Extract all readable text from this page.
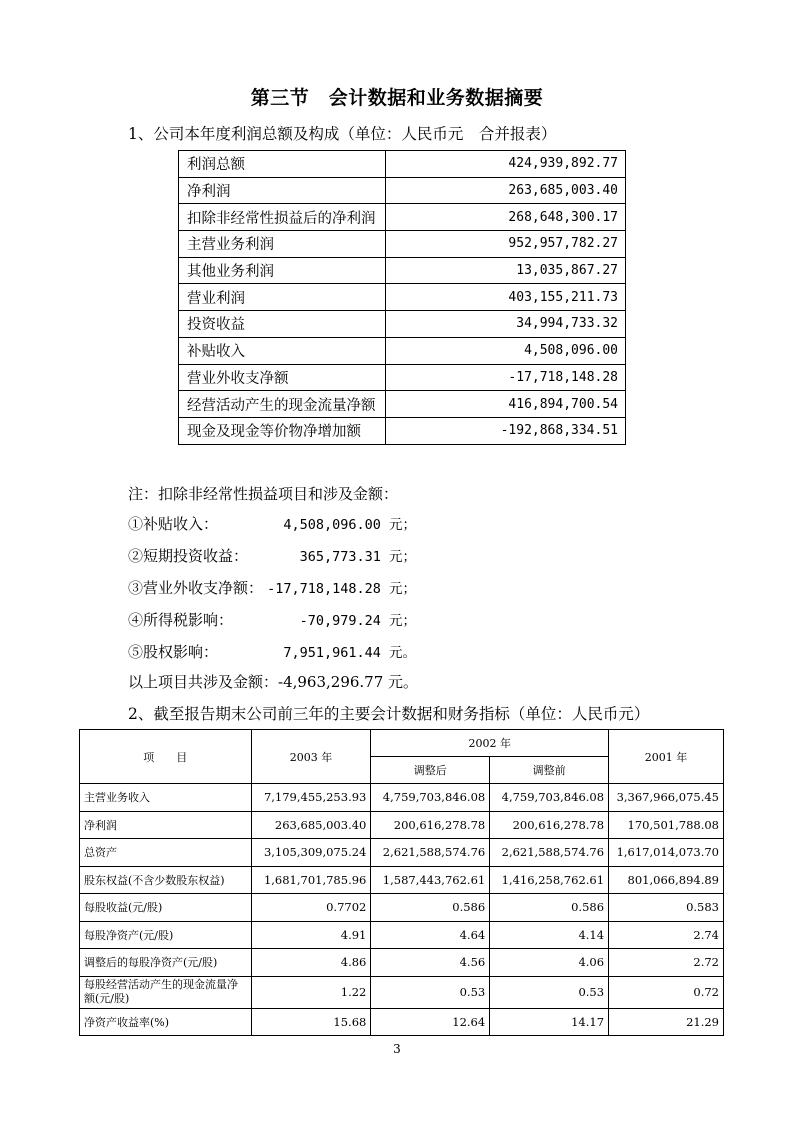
第三节　会计数据和业务数据摘要
1、公司本年度利润总额及构成（单位：人民币元　合并报表）
利润总额	424,939,892.77
净利润	263,685,003.40
扣除非经常性损益后的净利润	268,648,300.17
主营业务利润	952,957,782.27
其他业务利润	13,035,867.27
营业利润	403,155,211.73
投资收益	34,994,733.32
补贴收入	4,508,096.00
营业外收支净额	-17,718,148.28
经营活动产生的现金流量净额	416,894,700.54
现金及现金等价物净增加额	-192,868,334.51
注：扣除非经常性损益项目和涉及金额：
①补贴收入：	4,508,096.00 元；
②短期投资收益：	365,773.31 元；
③营业外收支净额： -17,718,148.28 元；
④所得税影响：	-70,979.24 元；
⑤股权影响：	7,951,961.44 元。
以上项目共涉及金额：-4,963,296.77 元。
2、截至报告期末公司前三年的主要会计数据和财务指标（单位：人民币元）
项　　目	2003 年	2002 年		2001 年
		调整后	调整前	
主营业务收入	7,179,455,253.93	4,759,703,846.08	4,759,703,846.08	3,367,966,075.45
净利润	263,685,003.40	200,616,278.78	200,616,278.78	170,501,788.08
总资产	3,105,309,075.24	2,621,588,574.76	2,621,588,574.76	1,617,014,073.70
股东权益(不含少数股东权益)	1,681,701,785.96	1,587,443,762.61	1,416,258,762.61	801,066,894.89
每股收益(元/股)	0.7702	0.586	0.586	0.583
每股净资产(元/股)	4.91	4.64	4.14	2.74
调整后的每股净资产(元/股)	4.86	4.56	4.06	2.72
每股经营活动产生的现金流量净额(元/股)	1.22	0.53	0.53	0.72
净资产收益率(%)	15.68	12.64	14.17	21.29
3
